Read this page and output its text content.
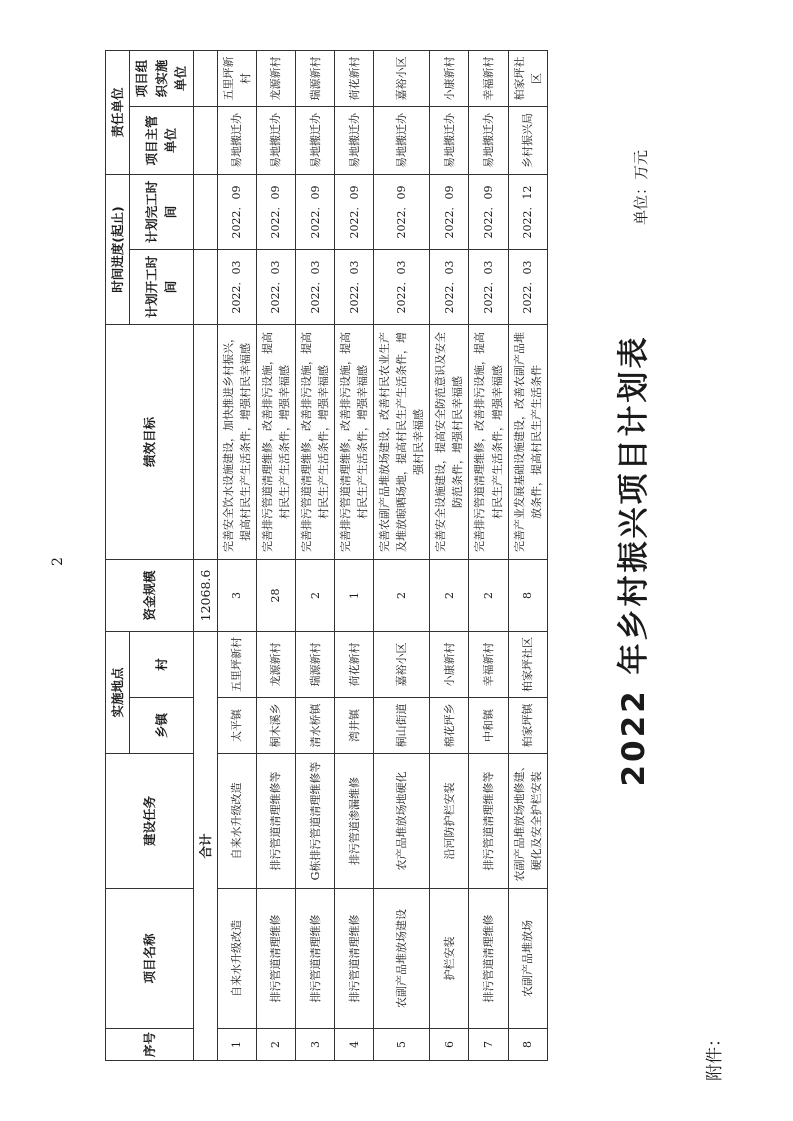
附件：
2022 年乡村振兴项目计划表
单位：万元
序号	项目名称	建设任务	实施地点		资金规模	绩效目标	时间进度(起止)		责任单位	
			乡镇	村			计划开工时间	计划完工时间	项目主管单位	项目组织实施单位
合计					12068.6					
1	自来水升级改造	自来水升级改造	太平镇	五里坪新村	3	完善安全饮水设施建设，加快推进乡村振兴，提高村民生产生活条件，增强村民幸福感	2022．03	2022．09	易地搬迁办	五里坪新村
2	排污管道清理维修	排污管道清理维修等	桐木溪乡	龙源新村	28	完善排污管道清理维修，改善排污设施，提高村民生产生活条件，增强幸福感	2022．03	2022．09	易地搬迁办	龙源新村
3	排污管道清理维修	G栋排污管道清理维修等	清水桥镇	瑞源新村	2	完善排污管道清理维修，改善排污设施，提高村民生产生活条件，增强幸福感	2022．03	2022．09	易地搬迁办	瑞源新村
4	排污管道清理维修	排污管道渗漏维修	湾井镇	荷花新村	1	完善排污管道清理维修，改善排污设施，提高村民生产生活条件，增强幸福感	2022．03	2022．09	易地搬迁办	荷花新村
5	农副产品堆放场建设	农产品堆放场地硬化	桐山街道	嘉裕小区	2	完善农副产品堆放场建设，改善村民农业生产及堆放晾晒场地，提高村民生产生活条件，增强村民幸福感	2022．03	2022．09	易地搬迁办	嘉裕小区
6	护栏安装	沿河防护栏安装	棉花坪乡	小康新村	2	完善安全设施建设，提高安全防范意识及安全防范条件，增强村民幸福感	2022．03	2022．09	易地搬迁办	小康新村
7	排污管道清理维修	排污管道清理维修等	中和镇	幸福新村	2	完善排污管道清理维修，改善排污设施，提高村民生产生活条件，增强幸福感	2022．03	2022．09	易地搬迁办	幸福新村
8	农副产品堆放场	农副产品堆放场地修建、硬化及安全护栏安装	柏家坪镇	柏家坪社区	8	完善产业发展基础设施建设，改善农副产品堆放条件，提高村民生产生活条件	2022．03	2022．12	乡村振兴局	柏家坪社区
2
